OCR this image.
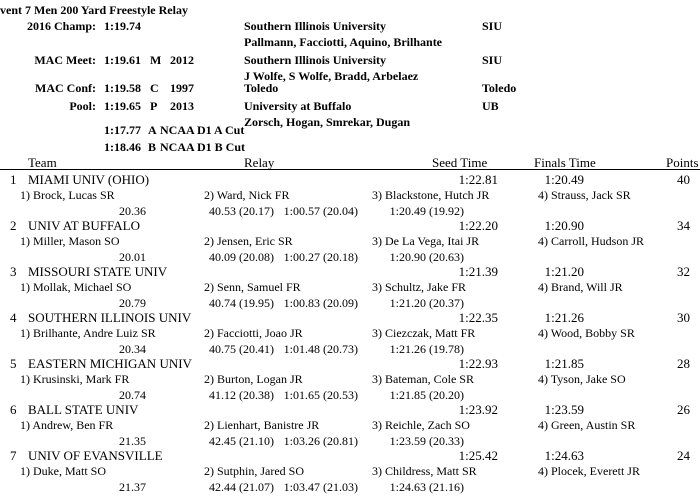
vent 7 Men 200 Yard Freestyle Relay
2016 Champ: 1:19.74	Southern Illinois University	SIU
Pallmann, Facciotti, Aquino, Brilhante
MAC Meet: 1:19.61 M 2012	Southern Illinois University	SIU
J Wolfe, S Wolfe, Bradd, Arbelaez
MAC Conf: 1:19.58 C 1997	Toledo	Toledo
Pool: 1:19.65 P 2013	University at Buffalo	UB
Zorsch, Hogan, Smrekar, Dugan
1:17.77 A NCAA D1 A Cut
1:18.46 B NCAA D1 B Cut
Team	Relay	Seed Time	Finals Time	Points
1 MIAMI UNIV (OHIO)	1:22.81	1:20.49	40
1) Brock, Lucas SR	2) Ward, Nick FR	3) Blackstone, Hutch JR	4) Strauss, Jack SR
20.36	40.53 (20.17) 1:00.57 (20.04)	1:20.49 (19.92)
2 UNIV AT BUFFALO	1:22.20	1:20.90	34
1) Miller, Mason SO	2) Jensen, Eric SR	3) De La Vega, Itai JR	4) Carroll, Hudson JR
20.01	40.09 (20.08) 1:00.27 (20.18)	1:20.90 (20.63)
3 MISSOURI STATE UNIV	1:21.39	1:21.20	32
1) Mollak, Michael SO	2) Senn, Samuel FR	3) Schultz, Jake FR	4) Brand, Will JR
20.79	40.74 (19.95) 1:00.83 (20.09)	1:21.20 (20.37)
4 SOUTHERN ILLINOIS UNIV	1:22.35	1:21.26	30
1) Brilhante, Andre Luiz SR	2) Facciotti, Joao JR	3) Ciezczak, Matt FR	4) Wood, Bobby SR
20.34	40.75 (20.41) 1:01.48 (20.73)	1:21.26 (19.78)
5 EASTERN MICHIGAN UNIV	1:22.93	1:21.85	28
1) Krusinski, Mark FR	2) Burton, Logan JR	3) Bateman, Cole SR	4) Tyson, Jake SO
20.74	41.12 (20.38) 1:01.65 (20.53)	1:21.85 (20.20)
6 BALL STATE UNIV	1:23.92	1:23.59	26
1) Andrew, Ben FR	2) Lienhart, Banistre JR	3) Reichle, Zach SO	4) Green, Austin SR
21.35	42.45 (21.10) 1:03.26 (20.81)	1:23.59 (20.33)
7 UNIV OF EVANSVILLE	1:25.42	1:24.63	24
1) Duke, Matt SO	2) Sutphin, Jared SO	3) Childress, Matt SR	4) Plocek, Everett JR
21.37	42.44 (21.07) 1:03.47 (21.03)	1:24.63 (21.16)
